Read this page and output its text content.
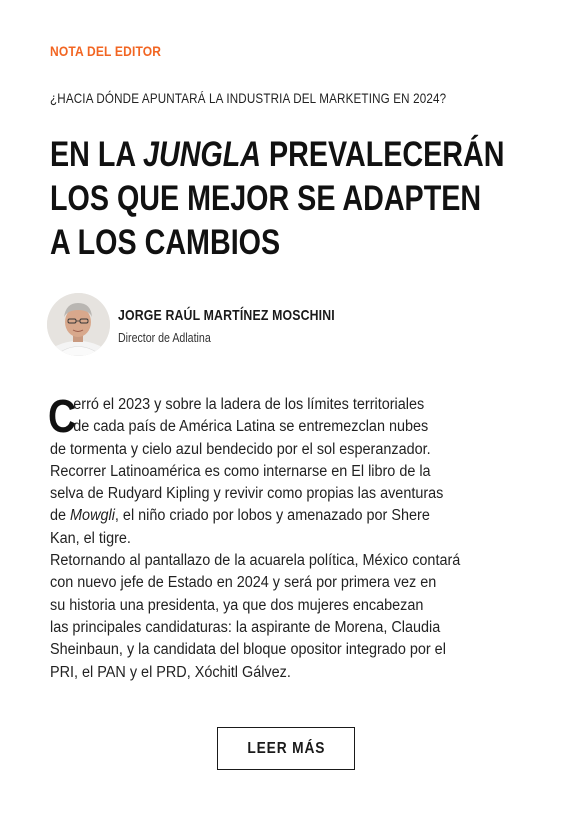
NOTA DEL EDITOR
¿HACIA DÓNDE APUNTARÁ LA INDUSTRIA DEL MARKETING EN 2024?
EN LA JUNGLA PREVALECERÁN
LOS QUE MEJOR SE ADAPTEN
A LOS CAMBIOS
JORGE RAÚL MARTÍNEZ MOSCHINI
Director de Adlatina
C
erró el 2023 y sobre la ladera de los límites territoriales
de cada país de América Latina se entremezclan nubes
de tormenta y cielo azul bendecido por el sol esperanzador.
Recorrer Latinoamérica es como internarse en El libro de la
selva de Rudyard Kipling y revivir como propias las aventuras
de Mowgli, el niño criado por lobos y amenazado por Shere
Kan, el tigre.
Retornando al pantallazo de la acuarela política, México contará
con nuevo jefe de Estado en 2024 y será por primera vez en
su historia una presidenta, ya que dos mujeres encabezan
las principales candidaturas: la aspirante de Morena, Claudia
Sheinbaun, y la candidata del bloque opositor integrado por el
PRI, el PAN y el PRD, Xóchitl Gálvez.
LEER MÁS
